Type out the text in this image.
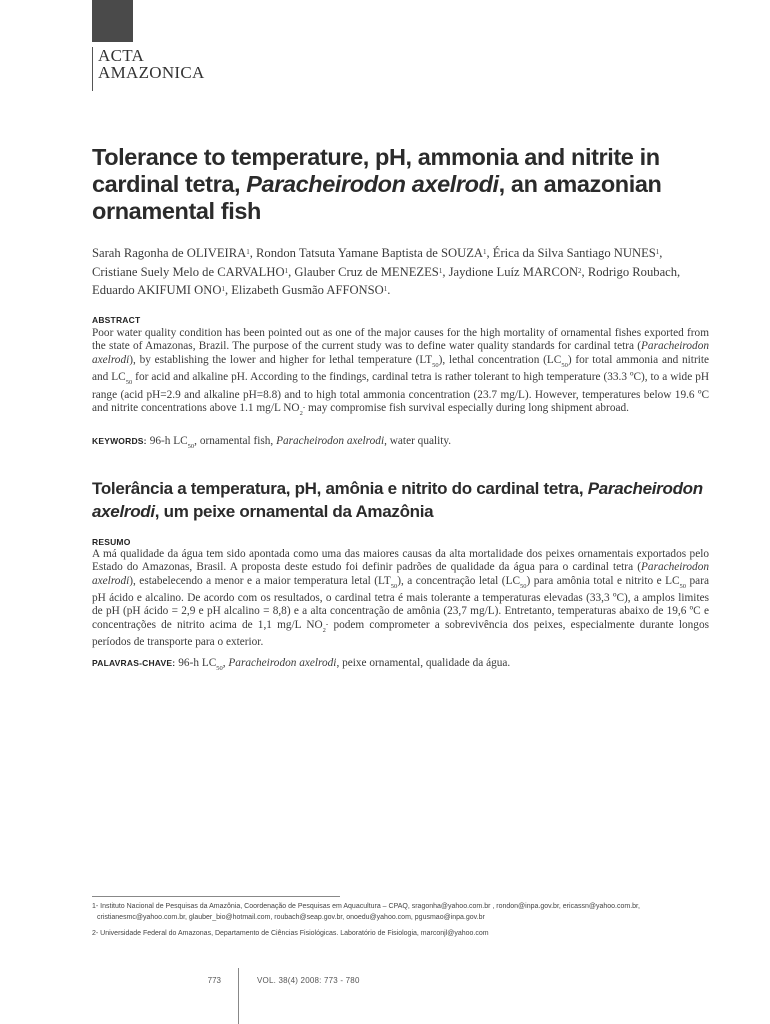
ACTA
AMAZONICA
Tolerance to temperature, pH, ammonia and nitrite in cardinal tetra, Paracheirodon axelrodi, an amazonian ornamental fish
Sarah Ragonha de OLIVEIRA$^1$, Rondon Tatsuta Yamane Baptista de SOUZA$^1$, Érica da Silva Santiago NUNES$^1$, Cristiane Suely Melo de CARVALHO$^1$, Glauber Cruz de MENEZES$^1$, Jaydione Luíz MARCON$^2$, Rodrigo Roubach, Eduardo AKIFUMI ONO$^1$, Elizabeth Gusmão AFFONSO$^1$.
ABSTRACT

Poor water quality condition has been pointed out as one of the major causes for the high mortality of ornamental fishes exported from the state of Amazonas, Brazil. The purpose of the current study was to define water quality standards for cardinal tetra (Paracheirodon axelrodi), by establishing the lower and higher for lethal temperature $(LT_{50})$, lethal concentration $(LC_{50})$ for total ammonia and nitrite and $LC_{50}$ for acid and alkaline pH. According to the findings, cardinal tetra is rather tolerant to high temperature (33.3 ºC), to a wide pH range (acid pH=2.9 and alkaline pH=8.8) and to high total ammonia concentration (23.7 mg/L). However, temperatures below 19.6 ºC and nitrite concentrations above 1.1 mg/L $NO_2^-$ may compromise fish survival especially during long shipment abroad.

KEYWORDS: 96-h $LC_{50}$, ornamental fish, Paracheirodon axelrodi, water quality.
Tolerância a temperatura, pH, amônia e nitrito do cardinal tetra, Paracheirodon axelrodi, um peixe ornamental da Amazônia
RESUMO

A má qualidade da água tem sido apontada como uma das maiores causas da alta mortalidade dos peixes ornamentais exportados pelo Estado do Amazonas, Brasil. A proposta deste estudo foi definir padrões de qualidade da água para o cardinal tetra (Paracheirodon axelrodi), estabelecendo a menor e a maior temperatura letal $(LT_{50})$, a concentração letal $(LC_{50})$ para amônia total e nitrito e $LC_{50}$ para pH ácido e alcalino. De acordo com os resultados, o cardinal tetra é mais tolerante a temperaturas elevadas (33,3 ºC), a amplos limites de pH (pH ácido = 2,9 e pH alcalino = 8,8) e a alta concentração de amônia (23,7 mg/L). Entretanto, temperaturas abaixo de 19,6 ºC e concentrações de nitrito acima de 1,1 mg/L $NO_2^-$ podem comprometer a sobrevivência dos peixes, especialmente durante longos períodos de transporte para o exterior.

PALAVRAS-CHAVE: 96-h $LC_{50}$, Paracheirodon axelrodi, peixe ornamental, qualidade da água.

1- Instituto Nacional de Pesquisas da Amazônia, Coordenação de Pesquisas em Aquacultura – CPAQ, sragonha@yahoo.com.br , rondon@inpa.gov.br, ericassn@yahoo.com.br,

cristianesmc@yahoo.com.br, glauber_bio@hotmail.com, roubach@seap.gov.br, onoedu@yahoo.com, pgusmao@inpa.gov.br

2- Universidade Federal do Amazonas, Departamento de Ciências Fisiológicas. Laboratório de Fisiologia, marconjl@yahoo.com

773	VOL. 38(4) 2008: 773 - 780
